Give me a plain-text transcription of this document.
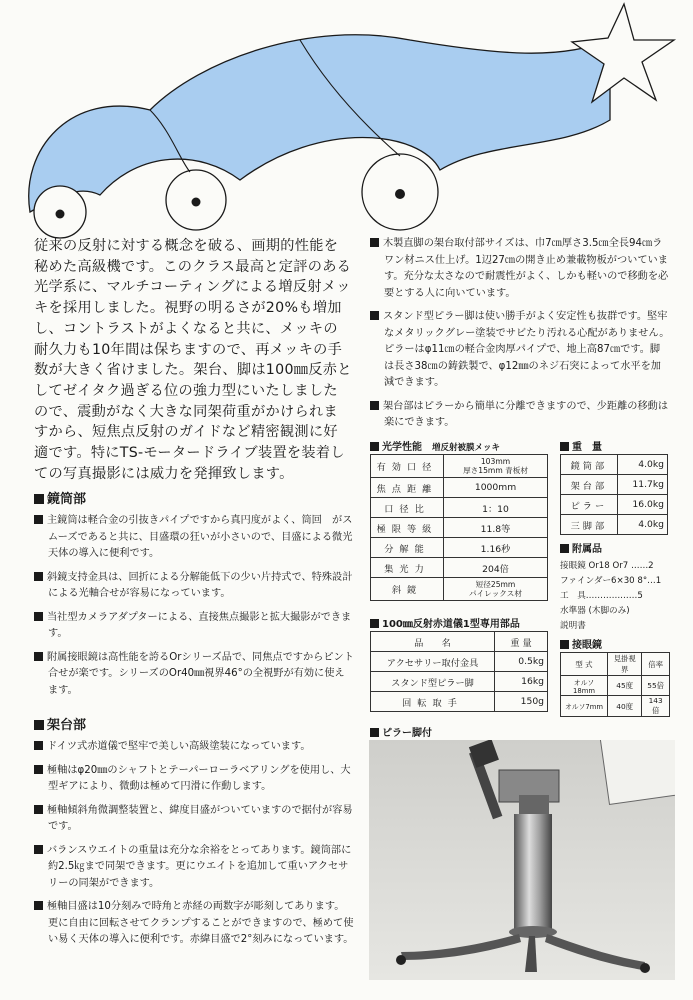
従来の反射に対する概念を破る、画期的性能を秘めた高級機です。このクラス最高と定評のある光学系に、マルチコーティングによる増反射メッキを採用しました。視野の明るさが20%も増加し、コントラストがよくなると共に、メッキの耐久力も10年間は保ちますので、再メッキの手数が大きく省けました。架台、脚は100㎜反赤としてゼイタク過ぎる位の強力型にいたしましたので、震動がなく大きな同架荷重がかけられますから、短焦点反射のガイドなど精密観測に好適です。特にTS-モータードライブ装置を装着しての写真撮影には威力を発揮致します。

鏡筒部

主鏡筒は軽合金の引抜きパイプですから真円度がよく、筒回　がスムーズであると共に、目盛環の狂いが小さいので、目盛による微光天体の導入に便利です。

斜鏡支持金具は、回折による分解能低下の少い片持式で、特殊設計による光軸合せが容易になっています。

当社型カメラアダプターによる、直接焦点撮影と拡大撮影ができます。

附属接眼鏡は高性能を誇るOrシリーズ品で、同焦点ですからピント合せが楽です。シリーズのOr40㎜視界46°の全視野が有効に使えます。

架台部

ドイツ式赤道儀で堅牢で美しい高級塗装になっています。

極軸はφ20㎜のシャフトとテーパーローラベアリングを使用し、大型ギアにより、微動は極めて円滑に作動します。

極軸傾斜角微調整装置と、緯度目盛がついていますので据付が容易です。

バランスウエイトの重量は充分な余裕をとってあります。鏡筒部に約2.5㎏まで同架できます。更にウエイトを追加して重いアクセサリーの同架ができます。

極軸目盛は10分刻みで時角と赤経の両数字が彫刻してあります。更に自由に回転させてクランプすることができますので、極めて使い易く天体の導入に便利です。赤緯目盛で2°刻みになっています。

木製直脚の架台取付部サイズは、巾7㎝厚さ3.5㎝全長94㎝ラワン材ニス仕上げ。1辺27㎝の開き止め兼載物板がついています。充分な太さなので耐震性がよく、しかも軽いので移動を必要とする人に向いています。

スタンド型ピラー脚は使い勝手がよく安定性も抜群です。堅牢なメタリックグレー塗装でサビたり汚れる心配がありません。ピラーはφ11㎝の軽合金肉厚パイプで、地上高87㎝です。脚は長さ38㎝の鋳鉄製で、φ12㎜のネジ石突によって水平を加減できます。

架台部はピラーから簡単に分離できますので、少距離の移動は楽にできます。

光学性能　 増反射被膜メッキ
有効口径	103mm
厚さ15mm 青板材

焦点距離	1000mm
口径比	1：10
極限等級	11.8等
分解能	1.16秒
集光力	204倍
斜鏡	短径25mm
パイレックス材
重　量
鏡筒部	4.0kg
架台部	11.7kg
ピラー	16.0kg
三脚部	4.0kg
附属品
接眼鏡 Or18 Or7 ……2
ファインダー6×30 8°…1
工　具………………5
水準器 (木脚のみ)
説明書
接眼鏡
型 式	見掛視界	倍率
オルソ18mm	45度	55倍
オルソ7mm	40度	143倍
100㎜反射赤道儀1型専用部品
品　　名	重 量
アクセサリー取付金具	0.5kg
スタンド型ピラー脚	16kg
回転取手	150g
ピラー脚付
